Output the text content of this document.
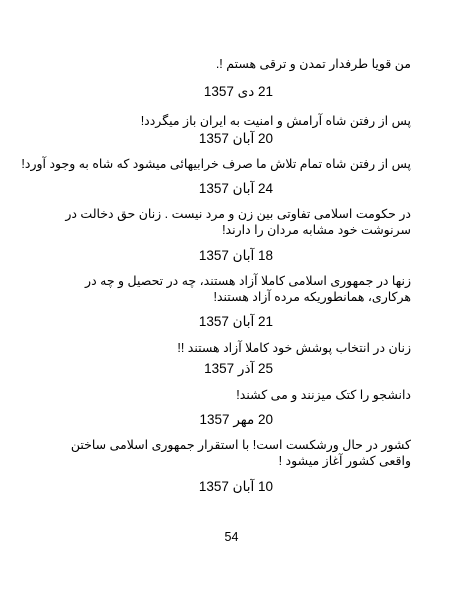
من قویا طرفدار تمدن و ترقی هستم !.
21 دی 1357
پس از رفتن شاه آرامش و امنیت به ایران باز میگردد!
20 آبان 1357
پس از رفتن شاه تمام تلاش ما صرف خرابیهائی میشود که شاه به وجود آورد!
24 آبان 1357
در حکومت اسلامی تفاوتی بین زن و مرد نیست . زنان حق دخالت در سرنوشت خود مشابه مردان را دارند!
18 آبان 1357
زنها در جمهوری اسلامی کاملا آزاد هستند، چه در تحصیل و چه در هرکاری، همانطوریکه مرده آزاد هستند!
21 آبان 1357
زنان در انتخاب پوشش خود کاملا آزاد هستند !!
25 آذر 1357
دانشجو را کتک میزنند و می کشند!
20 مهر 1357
کشور در حال ورشکست است! با استقرار جمهوری اسلامی ساختن واقعی کشور آغاز میشود !
10 آبان 1357
54
